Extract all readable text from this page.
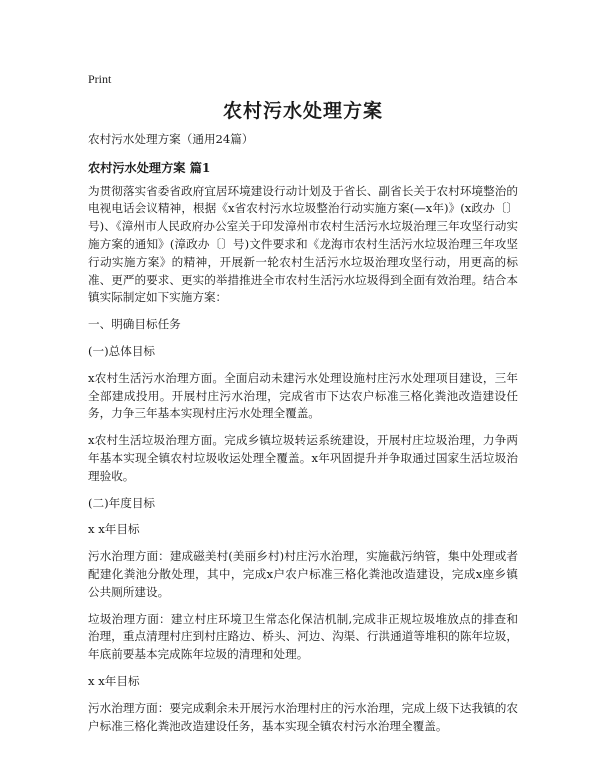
Print
农村污水处理方案

农村污水处理方案（通用24篇）

农村污水处理方案 篇1

为贯彻落实省委省政府宜居环境建设行动计划及于省长、副省长关于农村环境整治的电视电话会议精神，根据《x省农村污水垃圾整治行动实施方案(—x年)》(x政办〔〕号)、《漳州市人民政府办公室关于印发漳州市农村生活污水垃圾治理三年攻坚行动实施方案的通知》(漳政办〔〕号)文件要求和《龙海市农村生活污水垃圾治理三年攻坚行动实施方案》的精神，开展新一轮农村生活污水垃圾治理攻坚行动，用更高的标准、更严的要求、更实的举措推进全市农村生活污水垃圾得到全面有效治理。结合本镇实际制定如下实施方案：

一、明确目标任务

(一)总体目标

x农村生活污水治理方面。全面启动未建污水处理设施村庄污水处理项目建设，三年全部建成投用。开展村庄污水治理，完成省市下达农户标准三格化粪池改造建设任务，力争三年基本实现村庄污水处理全覆盖。

x农村生活垃圾治理方面。完成乡镇垃圾转运系统建设，开展村庄垃圾治理，力争两年基本实现全镇农村垃圾收运处理全覆盖。x年巩固提升并争取通过国家生活垃圾治理验收。

(二)年度目标

x x年目标

污水治理方面：建成磁美村(美丽乡村)村庄污水治理，实施截污纳管，集中处理或者配建化粪池分散处理，其中，完成x户农户标准三格化粪池改造建设，完成x座乡镇公共厕所建设。

垃圾治理方面：建立村庄环境卫生常态化保洁机制,完成非正规垃圾堆放点的排查和治理，重点清理村庄到村庄路边、桥头、河边、沟渠、行洪通道等堆积的陈年垃圾，年底前要基本完成陈年垃圾的清理和处理。

x x年目标

污水治理方面：要完成剩余未开展污水治理村庄的污水治理，完成上级下达我镇的农户标准三格化粪池改造建设任务，基本实现全镇农村污水治理全覆盖。
